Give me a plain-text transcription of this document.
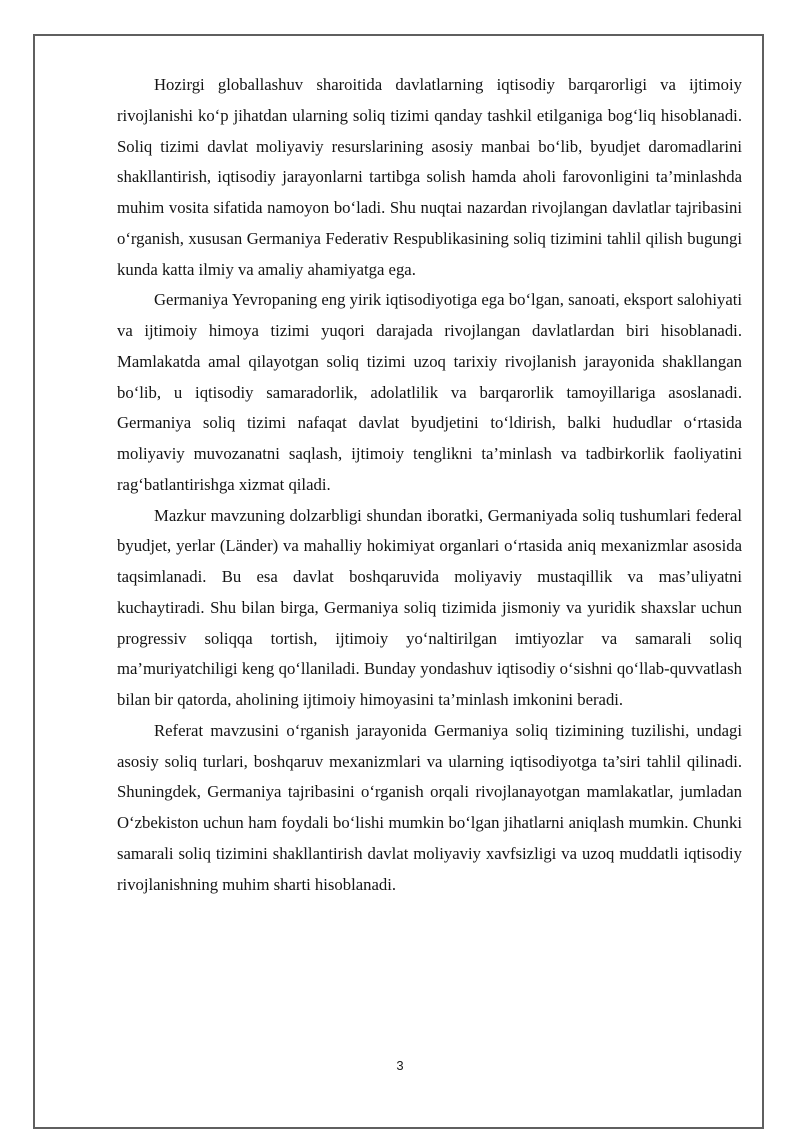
Hozirgi globallashuv sharoitida davlatlarning iqtisodiy barqarorligi va ijtimoiy rivojlanishi ko‘p jihatdan ularning soliq tizimi qanday tashkil etilganiga bog‘liq hisoblanadi. Soliq tizimi davlat moliyaviy resurslarining asosiy manbai bo‘lib, byudjet daromadlarini shakllantirish, iqtisodiy jarayonlarni tartibga solish hamda aholi farovonligini ta’minlashda muhim vosita sifatida namoyon bo‘ladi. Shu nuqtai nazardan rivojlangan davlatlar tajribasini o‘rganish, xususan Germaniya Federativ Respublikasining soliq tizimini tahlil qilish bugungi kunda katta ilmiy va amaliy ahamiyatga ega.

Germaniya Yevropaning eng yirik iqtisodiyotiga ega bo‘lgan, sanoati, eksport salohiyati va ijtimoiy himoya tizimi yuqori darajada rivojlangan davlatlardan biri hisoblanadi. Mamlakatda amal qilayotgan soliq tizimi uzoq tarixiy rivojlanish jarayonida shakllangan bo‘lib, u iqtisodiy samaradorlik, adolatlilik va barqarorlik tamoyillariga asoslanadi. Germaniya soliq tizimi nafaqat davlat byudjetini to‘ldirish, balki hududlar o‘rtasida moliyaviy muvozanatni saqlash, ijtimoiy tenglikni ta’minlash va tadbirkorlik faoliyatini rag‘batlantirishga xizmat qiladi.

Mazkur mavzuning dolzarbligi shundan iboratki, Germaniyada soliq tushumlari federal byudjet, yerlar (Länder) va mahalliy hokimiyat organlari o‘rtasida aniq mexanizmlar asosida taqsimlanadi. Bu esa davlat boshqaruvida moliyaviy mustaqillik va mas’uliyatni kuchaytiradi. Shu bilan birga, Germaniya soliq tizimida jismoniy va yuridik shaxslar uchun progressiv soliqqa tortish, ijtimoiy yo‘naltirilgan imtiyozlar va samarali soliq ma’muriyatchiligi keng qo‘llaniladi. Bunday yondashuv iqtisodiy o‘sishni qo‘llab-quvvatlash bilan bir qatorda, aholining ijtimoiy himoyasini ta’minlash imkonini beradi.

Referat mavzusini o‘rganish jarayonida Germaniya soliq tizimining tuzilishi, undagi asosiy soliq turlari, boshqaruv mexanizmlari va ularning iqtisodiyotga ta’siri tahlil qilinadi. Shuningdek, Germaniya tajribasini o‘rganish orqali rivojlanayotgan mamlakatlar, jumladan O‘zbekiston uchun ham foydali bo‘lishi mumkin bo‘lgan jihatlarni aniqlash mumkin. Chunki samarali soliq tizimini shakllantirish davlat moliyaviy xavfsizligi va uzoq muddatli iqtisodiy rivojlanishning muhim sharti hisoblanadi.

3
